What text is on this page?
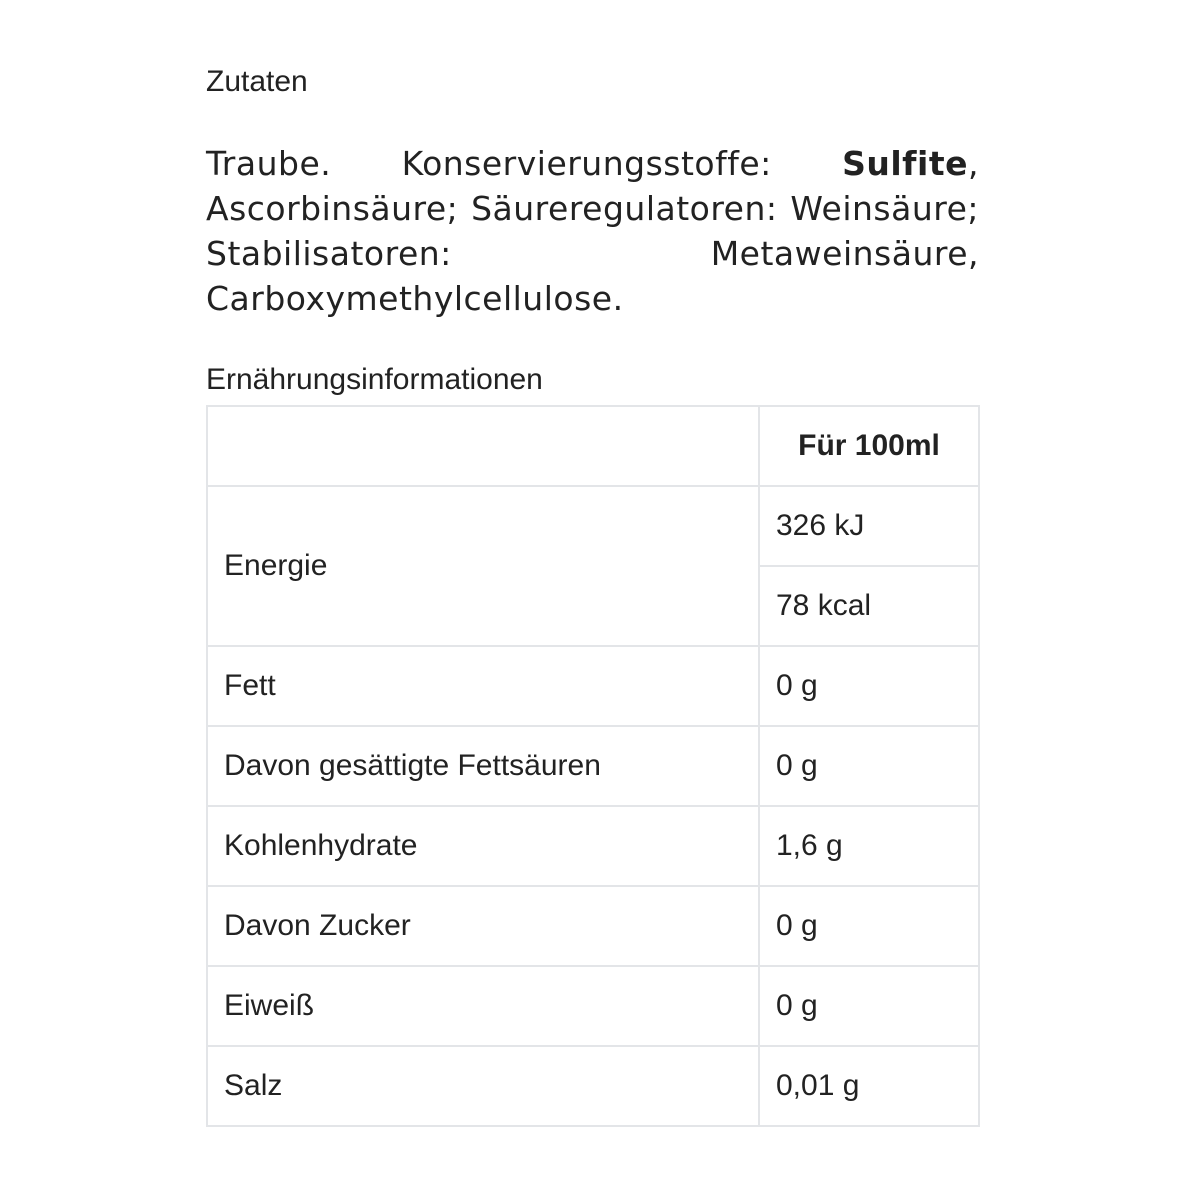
Zutaten

Traube. Konservierungsstoffe: Sulfite, Ascorbinsäure; Säureregulatoren: Weinsäure; Stabilisatoren: Metaweinsäure, Carboxymethylcellulose.

Ernährungsinformationen
	Für 100ml
Energie	326 kJ
	78 kcal
Fett	0 g
Davon gesättigte Fettsäuren	0 g
Kohlenhydrate	1,6 g
Davon Zucker	0 g
Eiweiß	0 g
Salz	0,01 g
